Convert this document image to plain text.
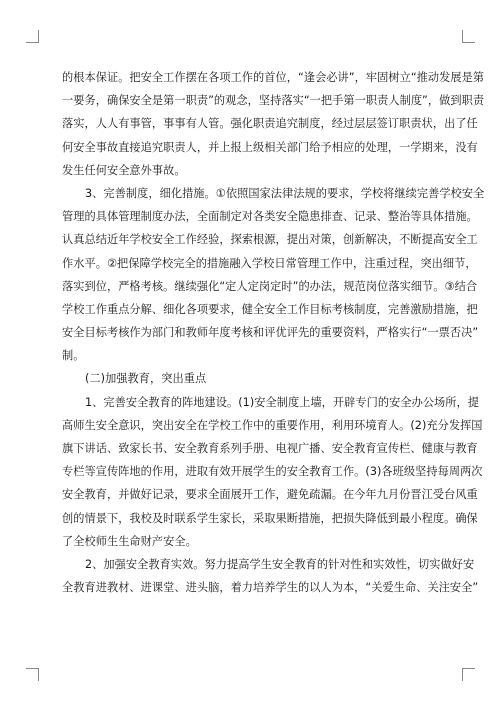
的根本保证。把安全工作摆在各项工作的首位，“逢会必讲”，牢固树立“推动发展是第
一要务，确保安全是第一职责”的观念，坚持落实“一把手第一职责人制度”，做到职责
落实，人人有事管，事事有人管。强化职责追究制度，经过层层签订职责状，出了任
何安全事故直接追究职责人，并上报上级相关部门给予相应的处理，一学期来，没有
发生任何安全意外事故。
3、完善制度，细化措施。①依照国家法律法规的要求，学校将继续完善学校安全
管理的具体管理制度办法，全面制定对各类安全隐患排查、记录、整治等具体措施。
认真总结近年学校安全工作经验，探索根源，提出对策，创新解决，不断提高安全工
作水平。②把保障学校完全的措施融入学校日常管理工作中，注重过程，突出细节，
落实到位，严格考核。继续强化“定人定岗定时”的办法，规范岗位落实细节。③结合
学校工作重点分解、细化各项要求，健全安全工作目标考核制度，完善激励措施，把
安全目标考核作为部门和教师年度考核和评优评先的重要资料，严格实行“一票否决”
制。
(二)加强教育，突出重点
1、完善安全教育的阵地建设。(1)安全制度上墙，开辟专门的安全办公场所，提
高师生安全意识，突出安全在学校工作中的重要作用，利用环境育人。(2)充分发挥国
旗下讲话、致家长书、安全教育系列手册、电视广播、安全教育宣传栏、健康与教育
专栏等宣传阵地的作用，进取有效开展学生的安全教育工作。(3)各班级坚持每周两次
安全教育，并做好记录，要求全面展开工作，避免疏漏。在今年九月份晋江受台风重
创的情景下，我校及时联系学生家长，采取果断措施，把损失降低到最小程度。确保
了全校师生生命财产安全。
2、加强安全教育实效。努力提高学生安全教育的针对性和实效性，切实做好安
全教育进教材、进课堂、进头脑，着力培养学生的以人为本，“关爱生命、关注安全”
